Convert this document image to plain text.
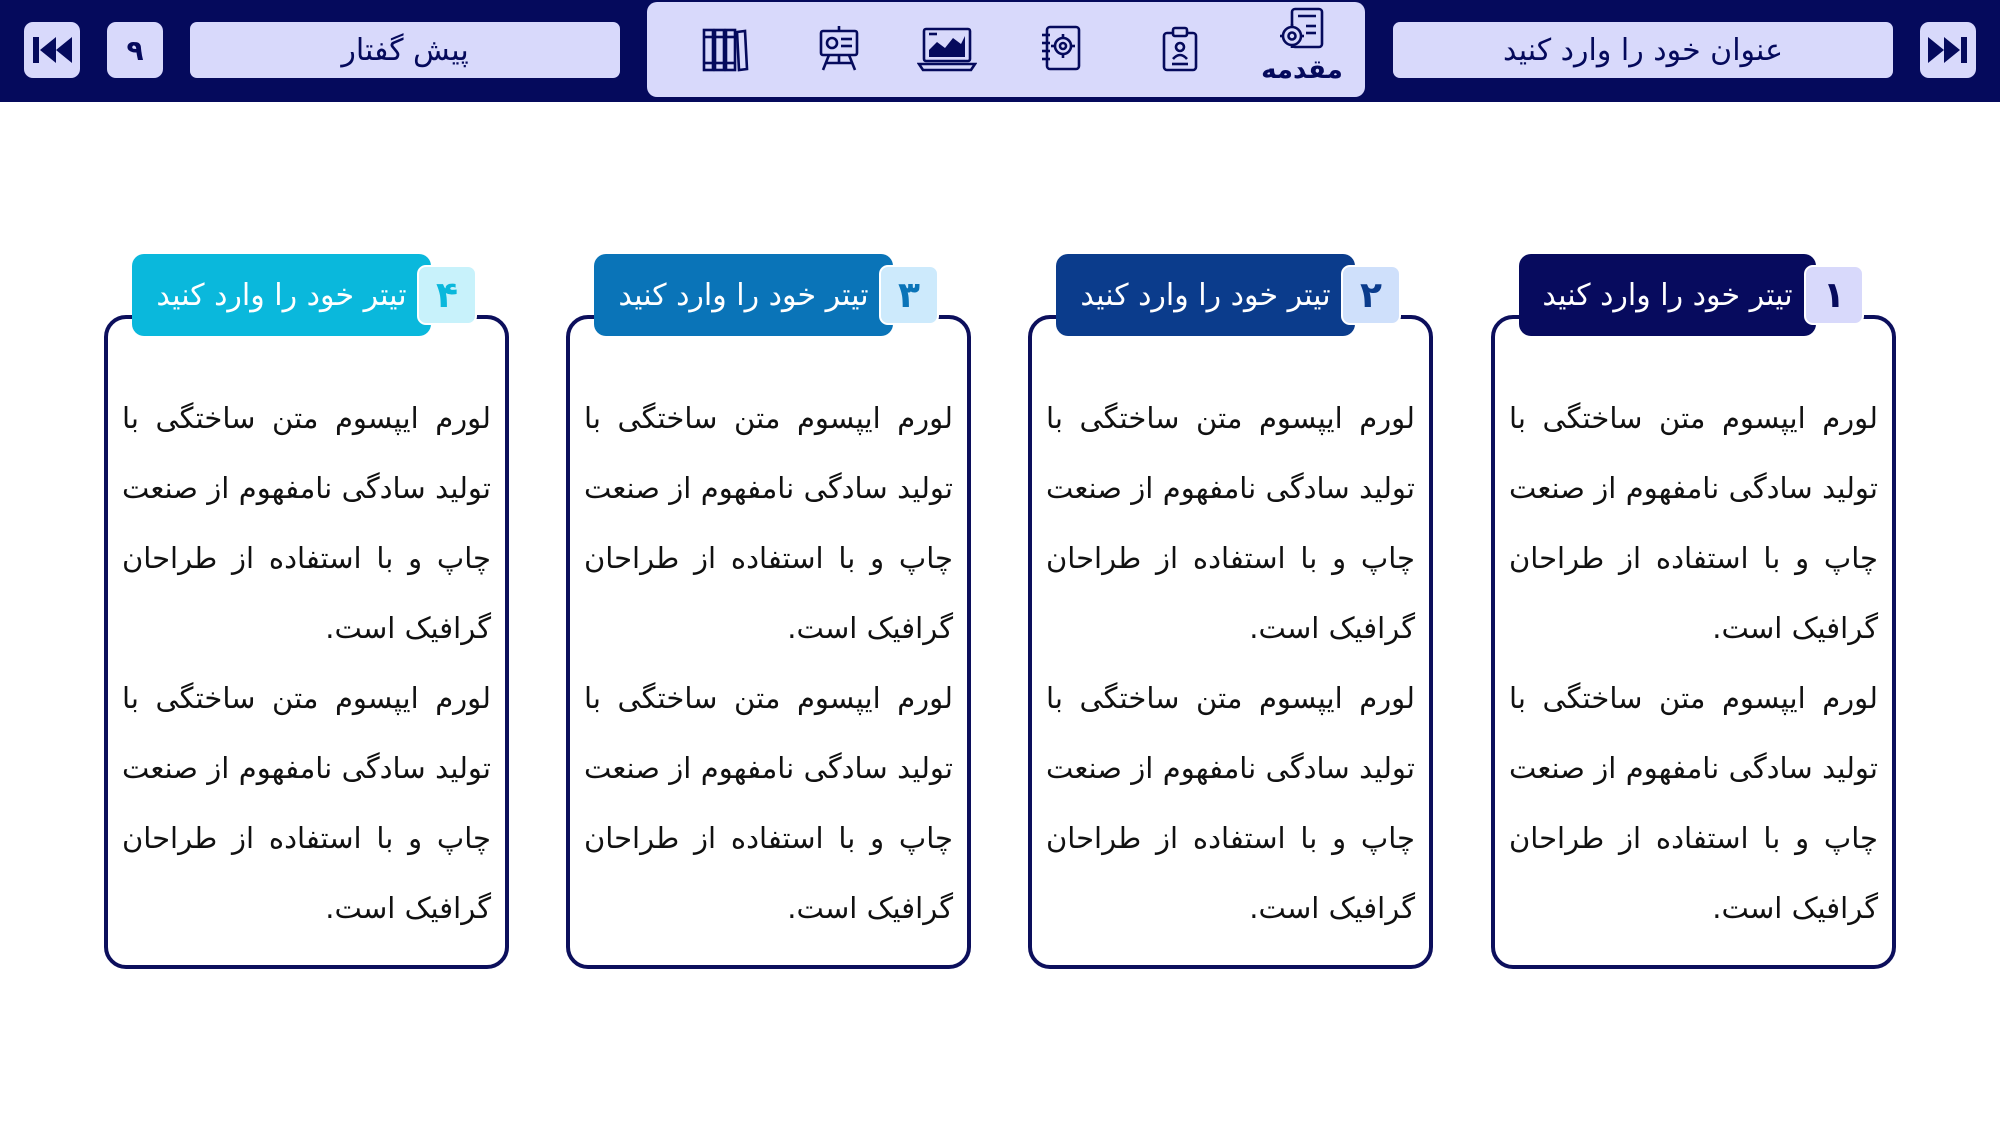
۹	پیش گفتار
مقدمه
عنوان خود را وارد کنید

لورم ایپسوم متن ساختگی با تولید سادگی نامفهوم از صنعت چاپ و با استفاده از طراحان گرافیک است.

لورم ایپسوم متن ساختگی با تولید سادگی نامفهوم از صنعت چاپ و با استفاده از طراحان گرافیک است.

تیتر خود را وارد کنید ۱

لورم ایپسوم متن ساختگی با تولید سادگی نامفهوم از صنعت چاپ و با استفاده از طراحان گرافیک است.

لورم ایپسوم متن ساختگی با تولید سادگی نامفهوم از صنعت چاپ و با استفاده از طراحان گرافیک است.

تیتر خود را وارد کنید ۲

لورم ایپسوم متن ساختگی با تولید سادگی نامفهوم از صنعت چاپ و با استفاده از طراحان گرافیک است.

لورم ایپسوم متن ساختگی با تولید سادگی نامفهوم از صنعت چاپ و با استفاده از طراحان گرافیک است.

تیتر خود را وارد کنید ۳

لورم ایپسوم متن ساختگی با تولید سادگی نامفهوم از صنعت چاپ و با استفاده از طراحان گرافیک است.

لورم ایپسوم متن ساختگی با تولید سادگی نامفهوم از صنعت چاپ و با استفاده از طراحان گرافیک است.

تیتر خود را وارد کنید ۴
